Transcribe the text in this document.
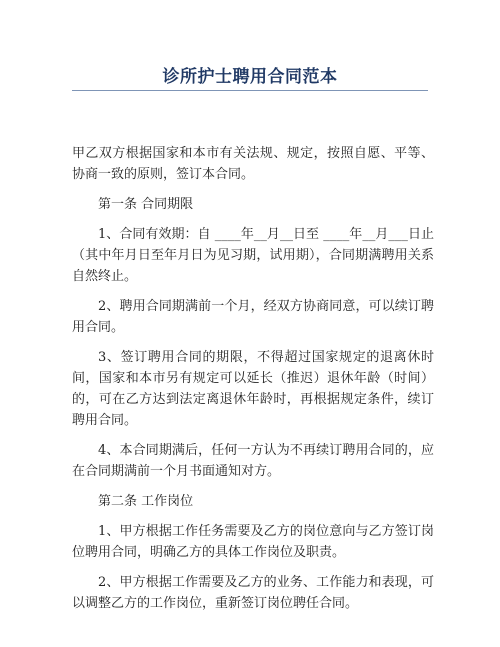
诊所护士聘用合同范本

甲乙双方根据国家和本市有关法规、规定，按照自愿、平等、协商一致的原则，签订本合同。

第一条 合同期限

1、合同有效期：自 ____年__月__日至 ____年__月___日止（其中年月日至年月日为见习期，试用期），合同期满聘用关系自然终止。

2、聘用合同期满前一个月，经双方协商同意，可以续订聘用合同。

3、签订聘用合同的期限，不得超过国家规定的退离休时间，国家和本市另有规定可以延长（推迟）退休年龄（时间）的，可在乙方达到法定离退休年龄时，再根据规定条件，续订聘用合同。

4、本合同期满后，任何一方认为不再续订聘用合同的，应在合同期满前一个月书面通知对方。

第二条 工作岗位

1、甲方根据工作任务需要及乙方的岗位意向与乙方签订岗位聘用合同，明确乙方的具体工作岗位及职责。

2、甲方根据工作需要及乙方的业务、工作能力和表现，可以调整乙方的工作岗位，重新签订岗位聘任合同。
